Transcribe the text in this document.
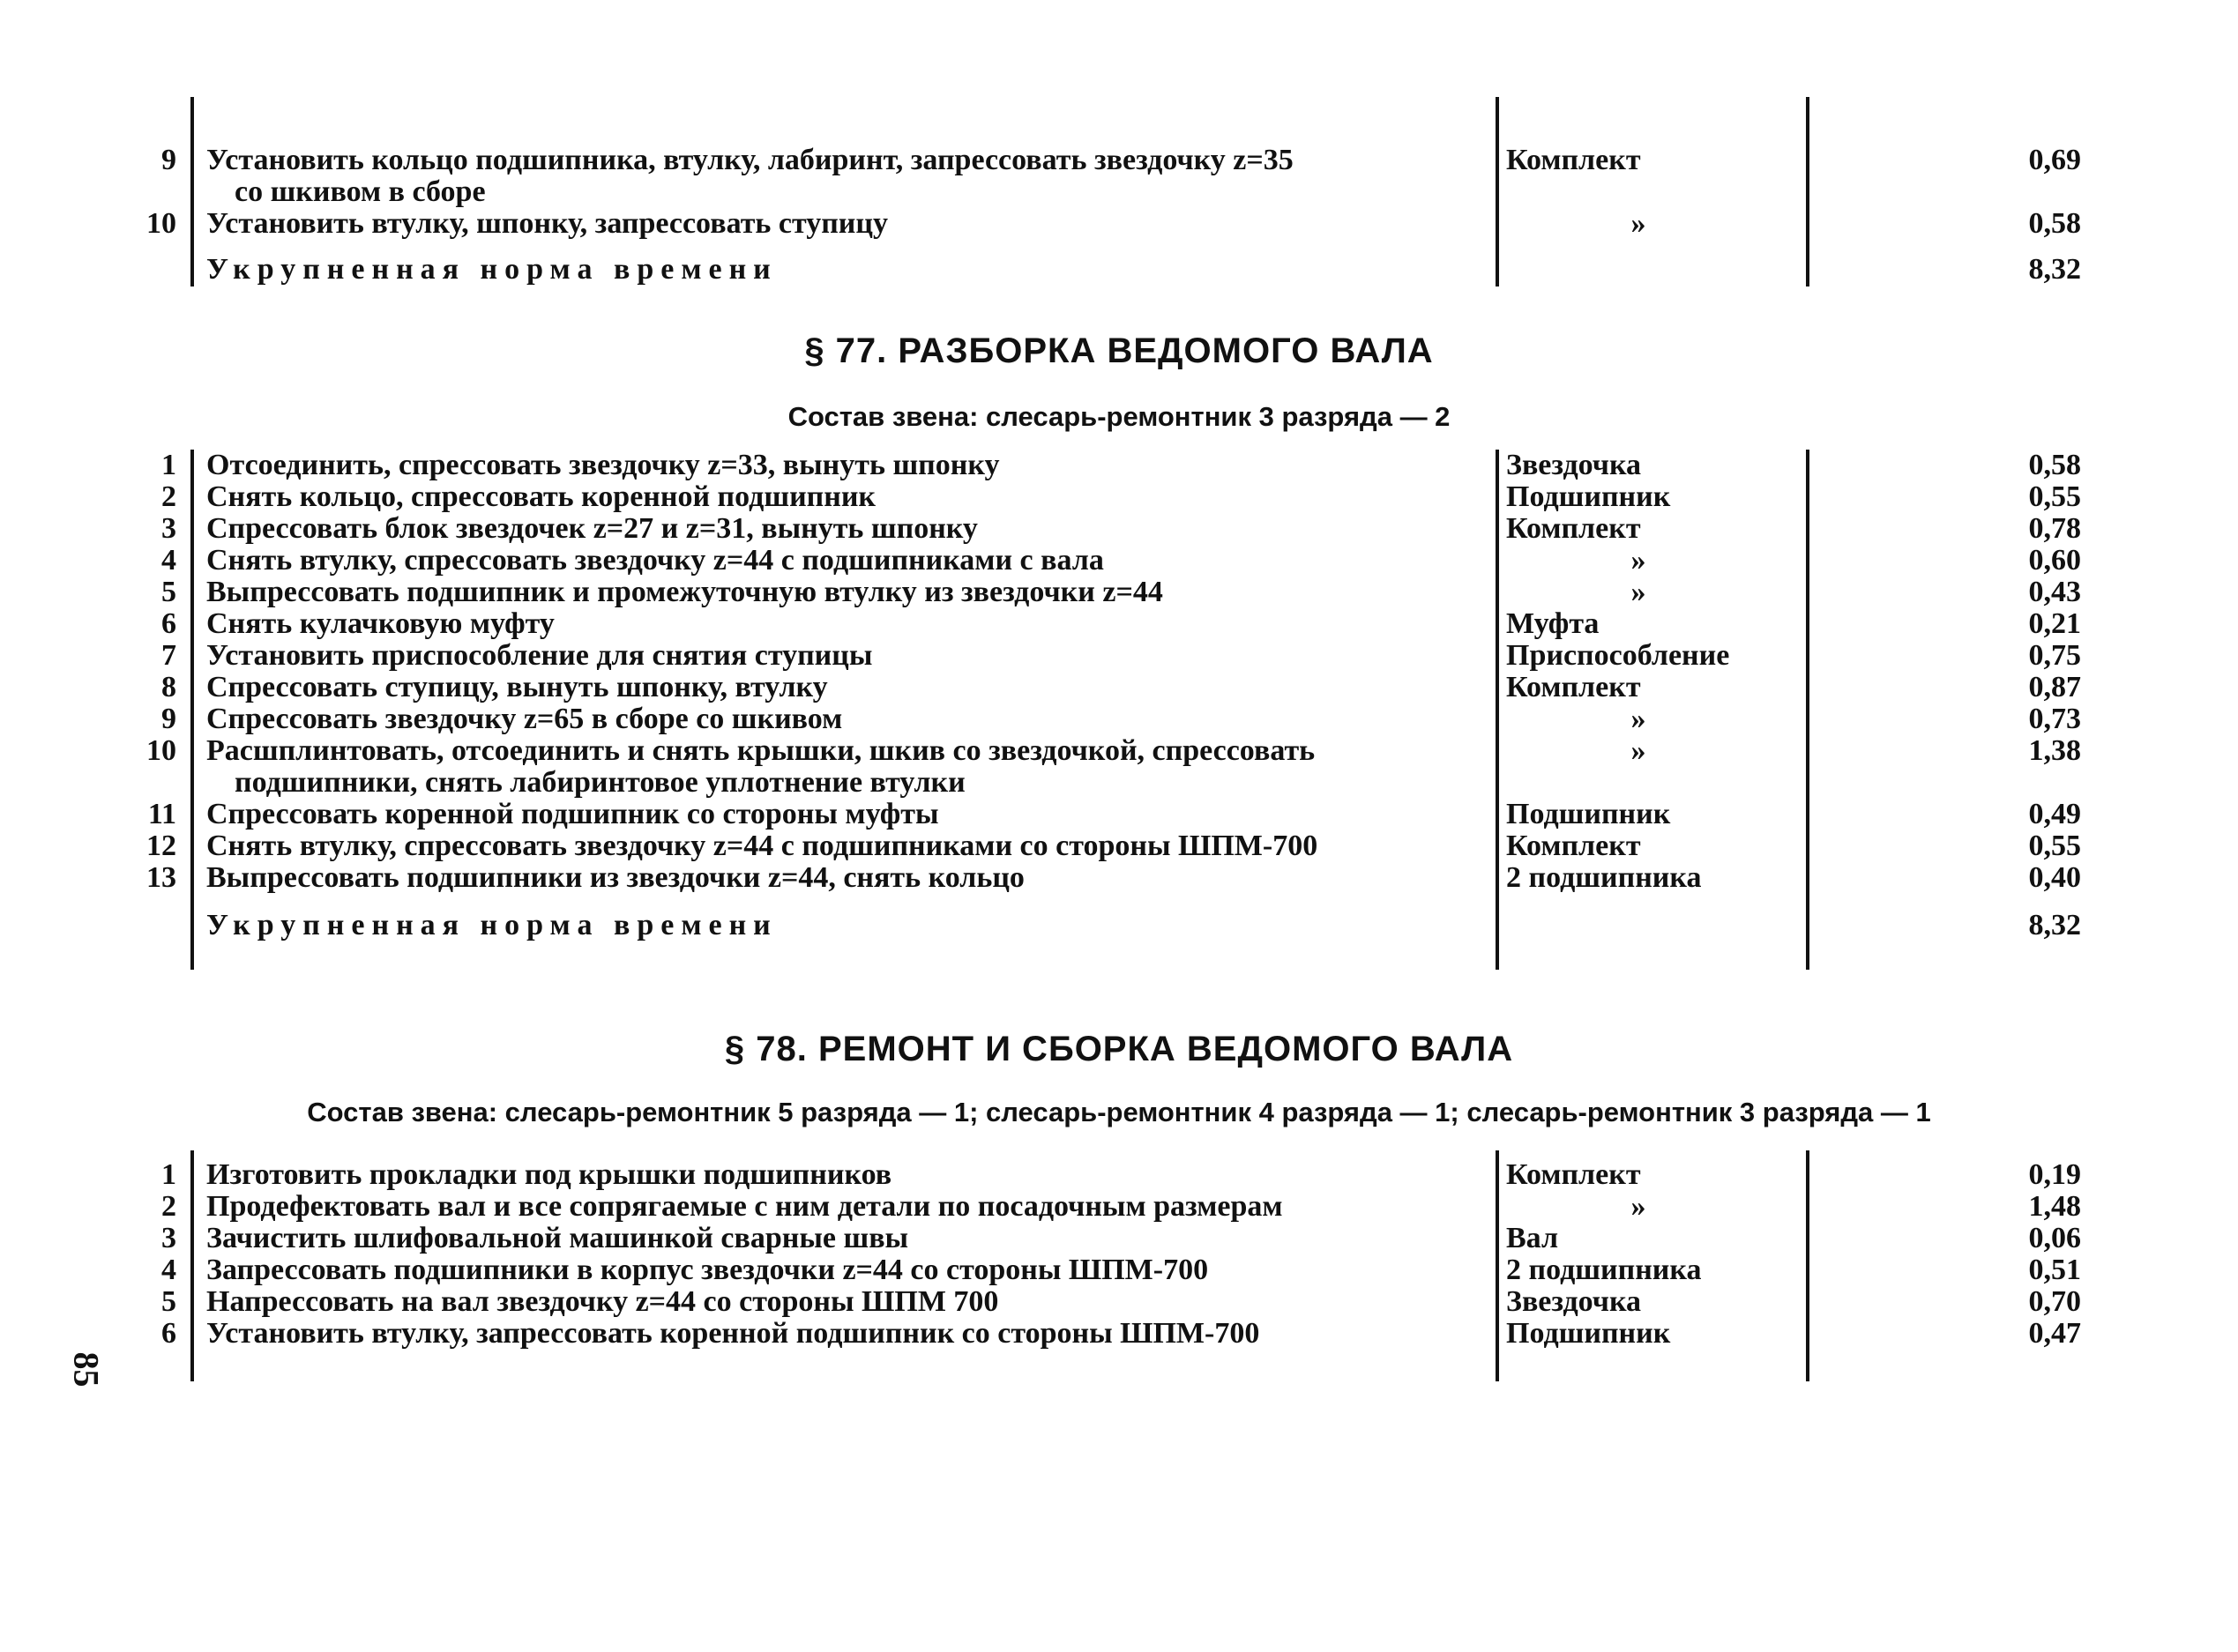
9 Установить кольцо подшипника, втулку, лабиринт, запрессовать звездочку z=35	Комплект	0,69
со шкивом в сборе
10 Установить втулку, шпонку, запрессовать ступицу	»	0,58
Укрупненная норма времени	8,32
§ 77. РАЗБОРКА ВЕДОМОГО ВАЛА
Состав звена: слесарь-ремонтник 3 разряда — 2
1 Отсоединить, спрессовать звездочку z=33, вынуть шпонку	Звездочка	0,58
2 Снять кольцо, спрессовать коренной подшипник	Подшипник	0,55
3 Спрессовать блок звездочек z=27 и z=31, вынуть шпонку	Комплект	0,78
4 Снять втулку, спрессовать звездочку z=44 с подшипниками с вала	»	0,60
5 Выпрессовать подшипник и промежуточную втулку из звездочки z=44	»	0,43
6 Снять кулачковую муфту	Муфта	0,21
7 Установить приспособление для снятия ступицы	Приспособление	0,75
8 Спрессовать ступицу, вынуть шпонку, втулку	Комплект	0,87
9 Спрессовать звездочку z=65 в сборе со шкивом	»	0,73
10 Расшплинтовать, отсоединить и снять крышки, шкив со звездочкой, спрессовать	»	1,38
подшипники, снять лабиринтовое уплотнение втулки
11 Спрессовать коренной подшипник со стороны муфты	Подшипник	0,49
12 Снять втулку, спрессовать звездочку z=44 с подшипниками со стороны ШПМ-700	Комплект	0,55
13 Выпрессовать подшипники из звездочки z=44, снять кольцо	2 подшипника	0,40
Укрупненная норма времени	8,32
§ 78. РЕМОНТ И СБОРКА ВЕДОМОГО ВАЛА
Состав звена: слесарь-ремонтник 5 разряда — 1; слесарь-ремонтник 4 разряда — 1; слесарь-ремонтник 3 разряда — 1
1 Изготовить прокладки под крышки подшипников	Комплект	0,19
2 Продефектовать вал и все сопрягаемые с ним детали по посадочным размерам	»	1,48
3 Зачистить шлифовальной машинкой сварные швы	Вал	0,06
4 Запрессовать подшипники в корпус звездочки z=44 со стороны ШПМ-700	2 подшипника	0,51
5 Напрессовать на вал звездочку z=44 со стороны ШПМ 700	Звездочка	0,70
6 Установить втулку, запрессовать коренной подшипник со стороны ШПМ-700	Подшипник	0,47
85
